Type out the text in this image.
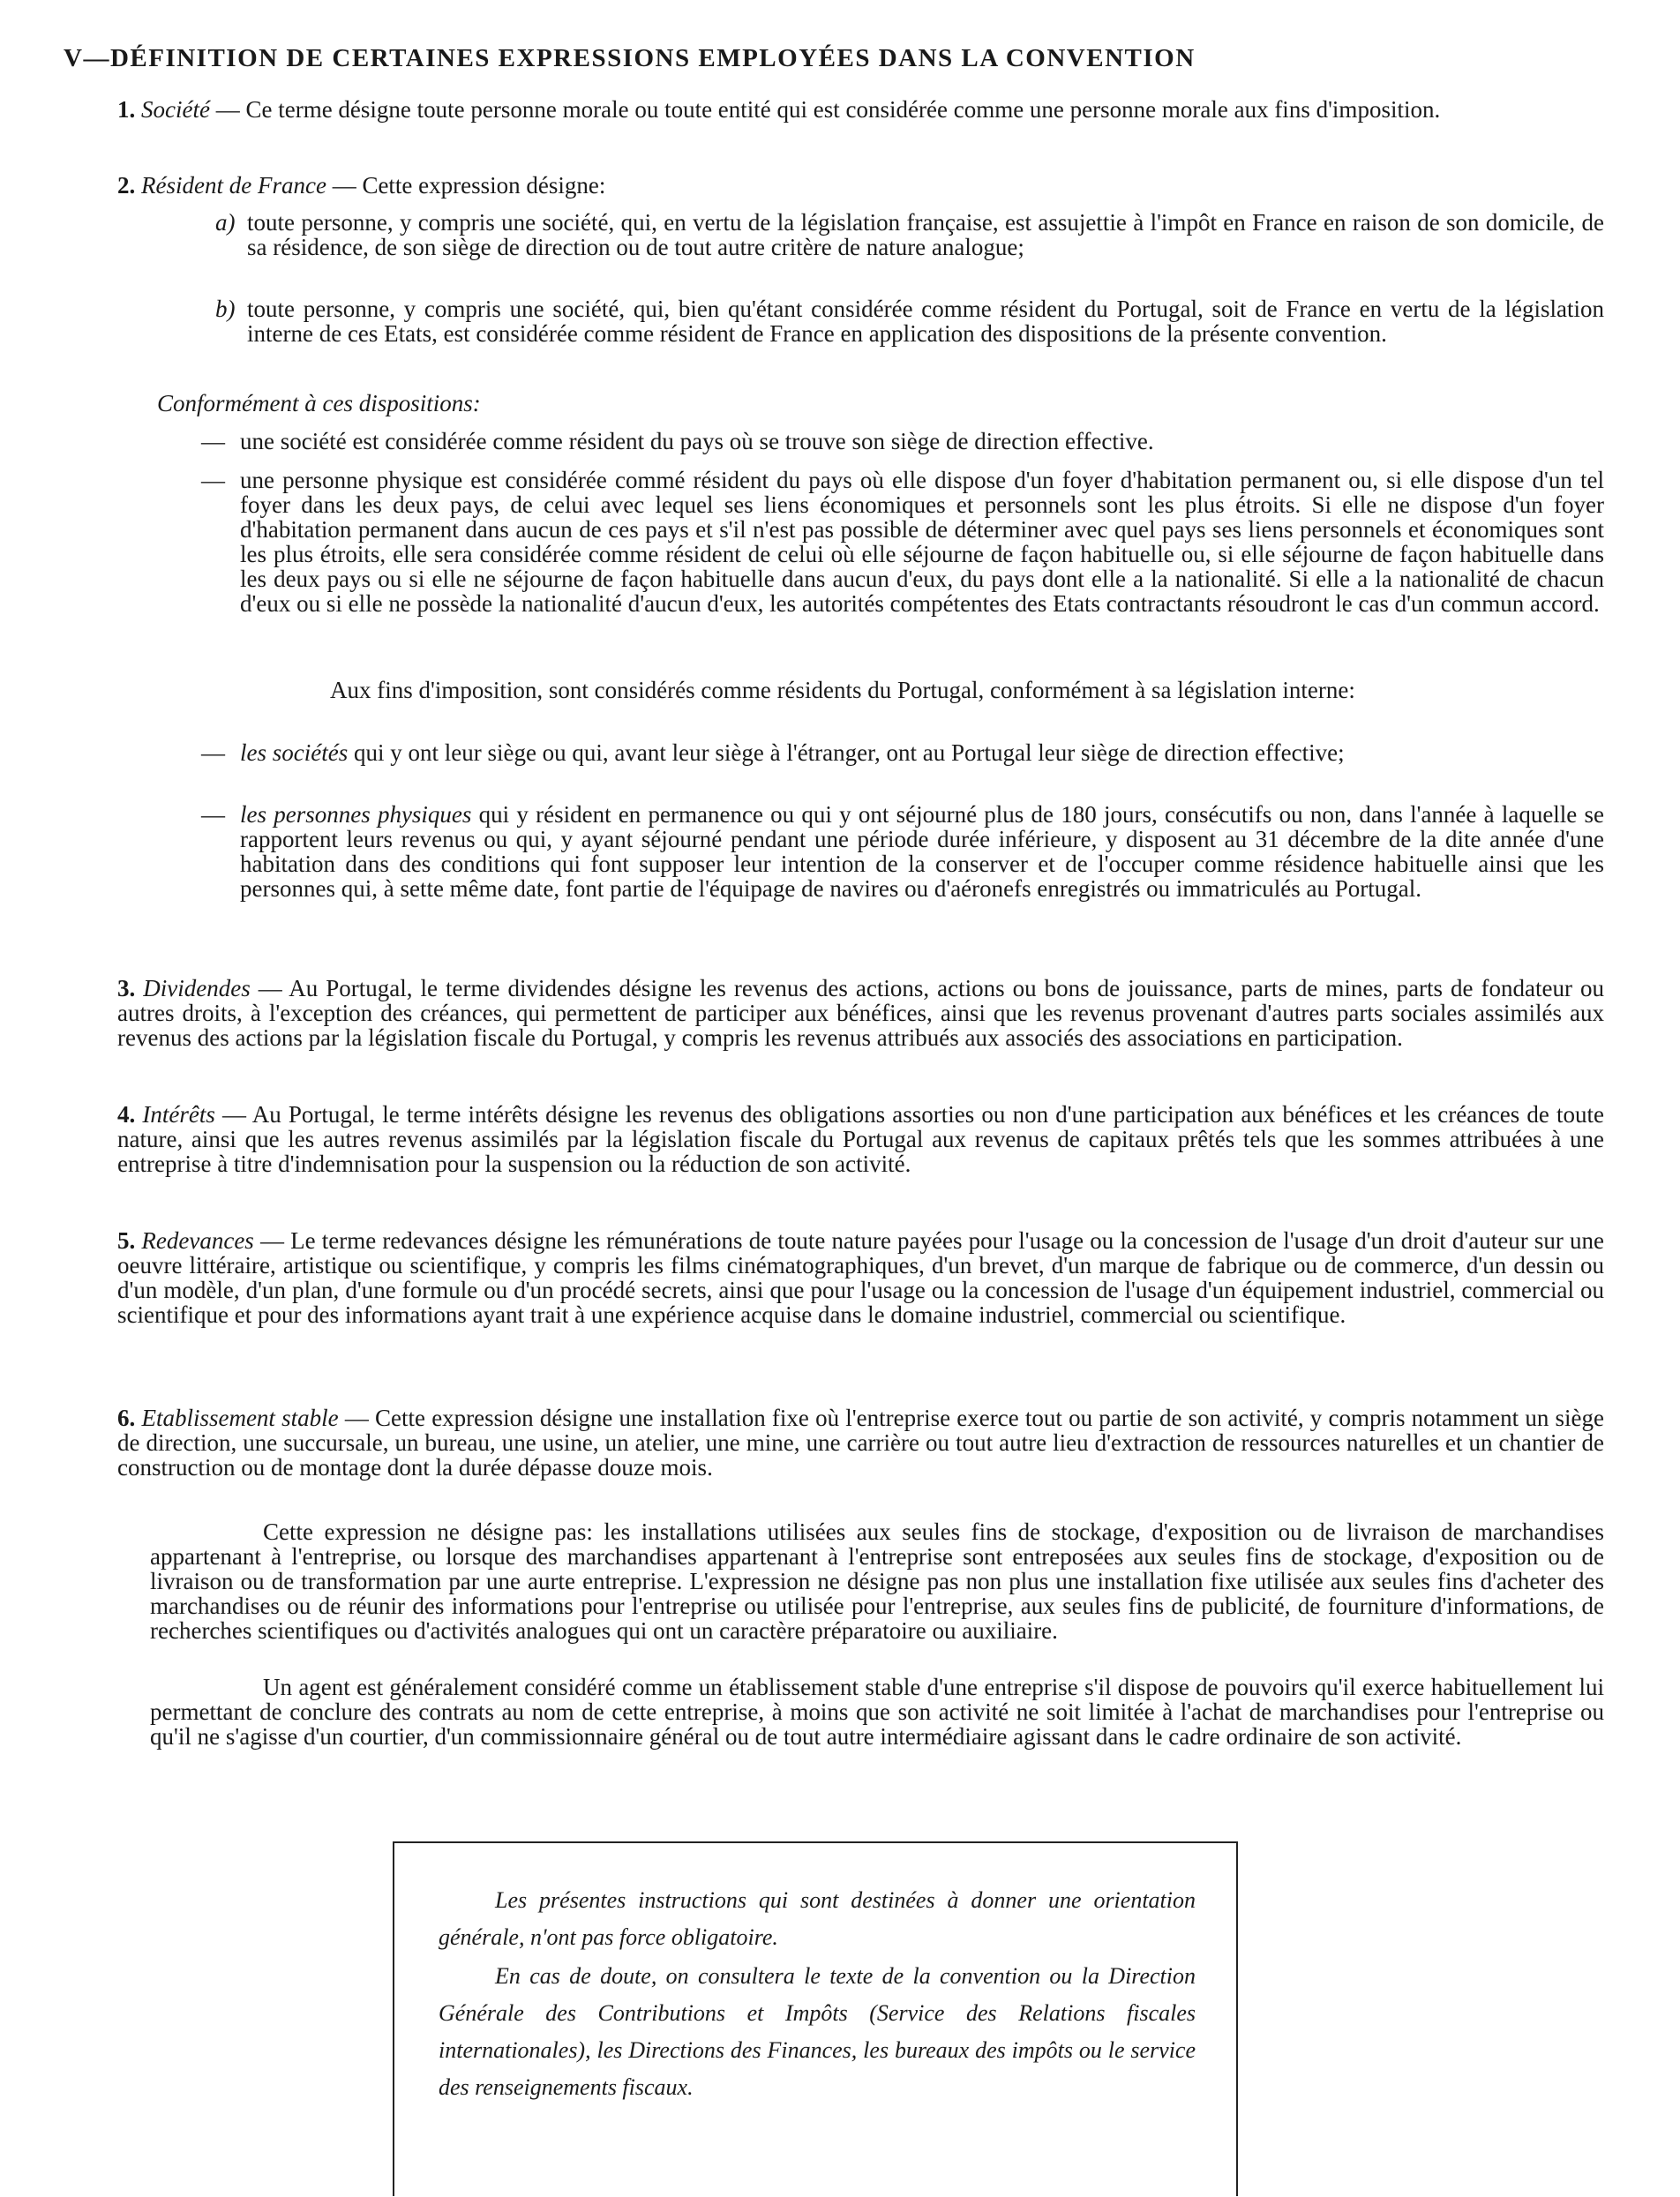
V—DÉFINITION DE CERTAINES EXPRESSIONS EMPLOYÉES DANS LA CONVENTION
1. Société — Ce terme désigne toute personne morale ou toute entité qui est considérée comme une personne morale aux fins d'imposition.
2. Résident de France — Cette expression désigne:
a) toute personne, y compris une société, qui, en vertu de la législation française, est assujettie à l'impôt en France en raison de son domicile, de sa résidence, de son siège de direction ou de tout autre critère de nature analogue;
b) toute personne, y compris une société, qui, bien qu'étant considérée comme résident du Portugal, soit de France en vertu de la législation interne de ces Etats, est considérée comme résident de France en application des dispositions de la présente convention.
Conformément à ces dispositions:
— une société est considérée comme résident du pays où se trouve son siège de direction effective.
— une personne physique est considérée commé résident du pays où elle dispose d'un foyer d'habitation permanent ou, si elle dispose d'un tel foyer dans les deux pays, de celui avec lequel ses liens économiques et personnels sont les plus étroits. Si elle ne dispose d'un foyer d'habitation permanent dans aucun de ces pays et s'il n'est pas possible de déterminer avec quel pays ses liens personnels et économiques sont les plus étroits, elle sera considérée comme résident de celui où elle séjourne de façon habituelle ou, si elle séjourne de façon habituelle dans les deux pays ou si elle ne séjourne de façon habituelle dans aucun d'eux, du pays dont elle a la nationalité. Si elle a la nationalité de chacun d'eux ou si elle ne possède la nationalité d'aucun d'eux, les autorités compétentes des Etats contractants résoudront le cas d'un commun accord.
Aux fins d'imposition, sont considérés comme résidents du Portugal, conformément à sa législation interne:
— les sociétés qui y ont leur siège ou qui, avant leur siège à l'étranger, ont au Portugal leur siège de direction effective;
— les personnes physiques qui y résident en permanence ou qui y ont séjourné plus de 180 jours, consécutifs ou non, dans l'année à laquelle se rapportent leurs revenus ou qui, y ayant séjourné pendant une période durée inférieure, y disposent au 31 décembre de la dite année d'une habitation dans des conditions qui font supposer leur intention de la conserver et de l'occuper comme résidence habituelle ainsi que les personnes qui, à sette même date, font partie de l'équipage de navires ou d'aéronefs enregistrés ou immatriculés au Portugal.
3. Dividendes — Au Portugal, le terme dividendes désigne les revenus des actions, actions ou bons de jouissance, parts de mines, parts de fondateur ou autres droits, à l'exception des créances, qui permettent de participer aux bénéfices, ainsi que les revenus provenant d'autres parts sociales assimilés aux revenus des actions par la législation fiscale du Portugal, y compris les revenus attribués aux associés des associations en participation.
4. Intérêts — Au Portugal, le terme intérêts désigne les revenus des obligations assorties ou non d'une participation aux bénéfices et les créances de toute nature, ainsi que les autres revenus assimilés par la législation fiscale du Portugal aux revenus de capitaux prêtés tels que les sommes attribuées à une entreprise à titre d'indemnisation pour la suspension ou la réduction de son activité.
5. Redevances — Le terme redevances désigne les rémunérations de toute nature payées pour l'usage ou la concession de l'usage d'un droit d'auteur sur une oeuvre littéraire, artistique ou scientifique, y compris les films cinématographiques, d'un brevet, d'un marque de fabrique ou de commerce, d'un dessin ou d'un modèle, d'un plan, d'une formule ou d'un procédé secrets, ainsi que pour l'usage ou la concession de l'usage d'un équipement industriel, commercial ou scientifique et pour des informations ayant trait à une expérience acquise dans le domaine industriel, commercial ou scientifique.
6. Etablissement stable — Cette expression désigne une installation fixe où l'entreprise exerce tout ou partie de son activité, y compris notamment un siège de direction, une succursale, un bureau, une usine, un atelier, une mine, une carrière ou tout autre lieu d'extraction de ressources naturelles et un chantier de construction ou de montage dont la durée dépasse douze mois.
Cette expression ne désigne pas: les installations utilisées aux seules fins de stockage, d'exposition ou de livraison de marchandises appartenant à l'entreprise, ou lorsque des marchandises appartenant à l'entreprise sont entreposées aux seules fins de stockage, d'exposition ou de livraison ou de transformation par une aurte entreprise. L'expression ne désigne pas non plus une installation fixe utilisée aux seules fins d'acheter des marchandises ou de réunir des informations pour l'entreprise ou utilisée pour l'entreprise, aux seules fins de publicité, de fourniture d'informations, de recherches scientifiques ou d'activités analogues qui ont un caractère préparatoire ou auxiliaire.
Un agent est généralement considéré comme un établissement stable d'une entreprise s'il dispose de pouvoirs qu'il exerce habituellement lui permettant de conclure des contrats au nom de cette entreprise, à moins que son activité ne soit limitée à l'achat de marchandises pour l'entreprise ou qu'il ne s'agisse d'un courtier, d'un commissionnaire général ou de tout autre intermédiaire agissant dans le cadre ordinaire de son activité.
Les présentes instructions qui sont destinées à donner une orientation générale, n'ont pas force obligatoire.
En cas de doute, on consultera le texte de la convention ou la Direction Générale des Contributions et Impôts (Service des Relations fiscales internationales), les Directions des Finances, les bureaux des impôts ou le service des renseignements fiscaux.
